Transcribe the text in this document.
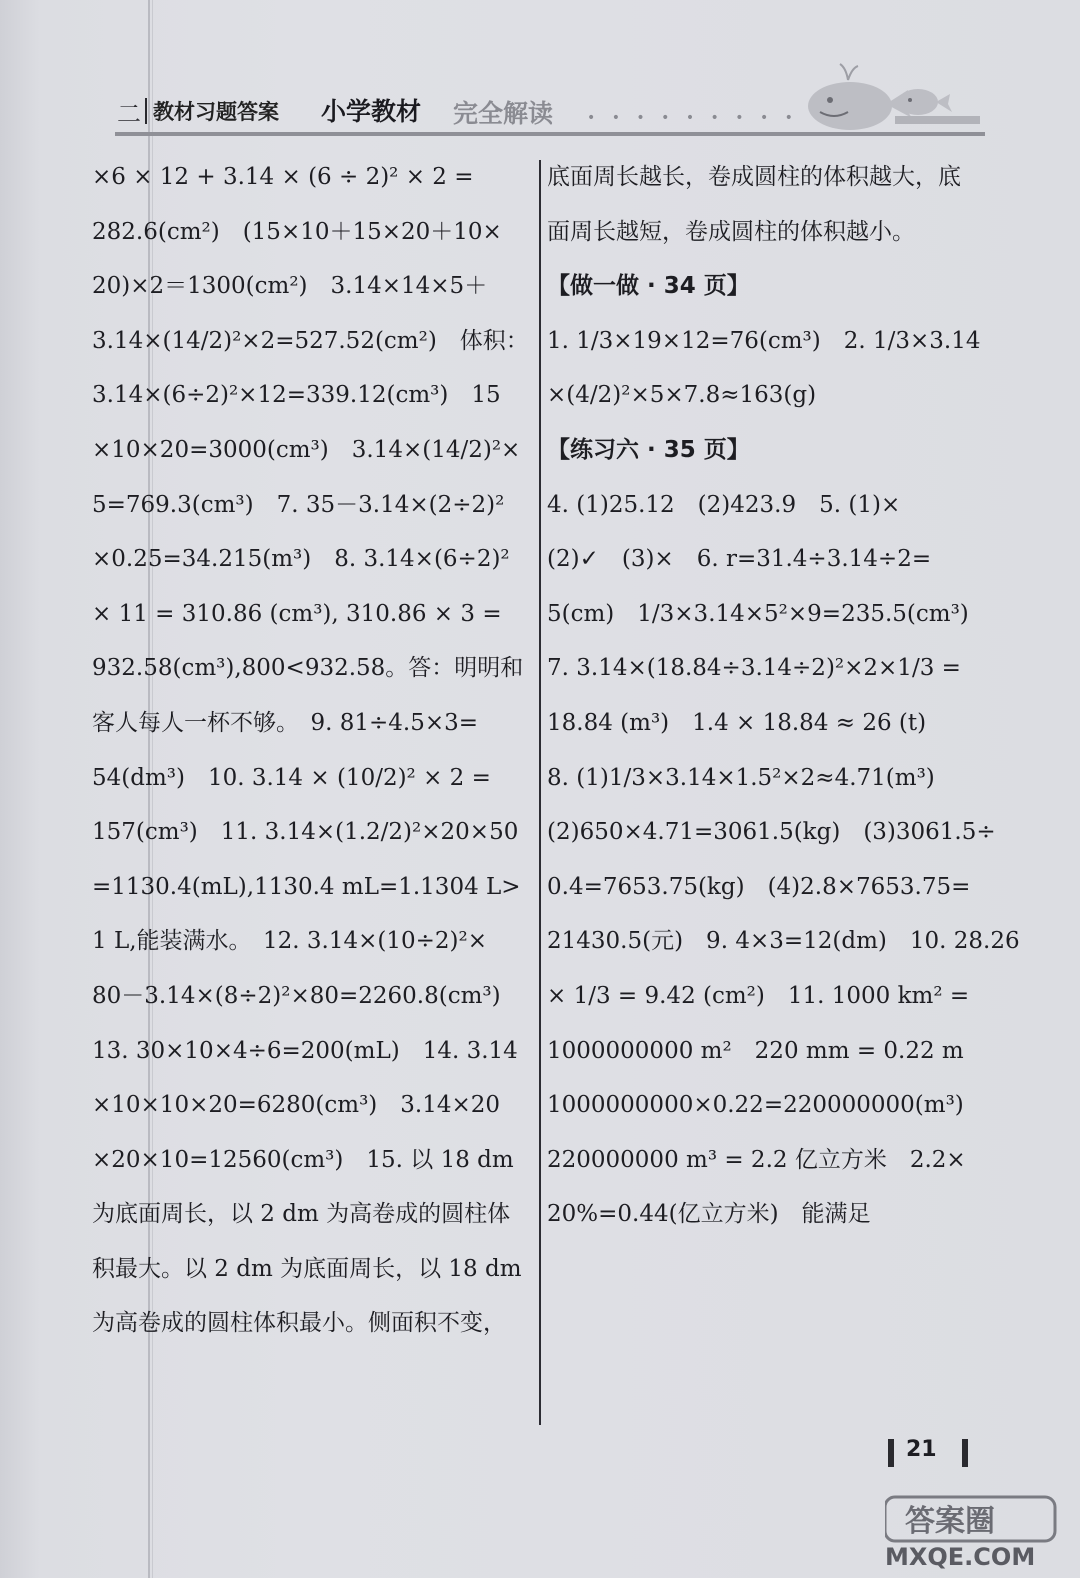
二 教材习题答案 小学教材 完全解读 • • • • • • • • •
×6 × 12 + 3.14 × (6 ÷ 2)² × 2 =
282.6(cm²)　(15×10＋15×20＋10×
20)×2＝1300(cm²)　3.14×14×5＋
3.14×(14/2)²×2=527.52(cm²)　体积：
3.14×(6÷2)²×12=339.12(cm³)　15
×10×20=3000(cm³)　3.14×(14/2)²×
5=769.3(cm³)　7. 35－3.14×(2÷2)²
×0.25=34.215(m³)　8. 3.14×(6÷2)²
× 11 = 310.86 (cm³), 310.86 × 3 =
932.58(cm³),800<932.58。答：明明和
客人每人一杯不够。　9. 81÷4.5×3=
54(dm³)　10. 3.14 × (10/2)² × 2 =
157(cm³)　11. 3.14×(1.2/2)²×20×50
=1130.4(mL),1130.4 mL=1.1304 L>
1 L,能装满水。　12. 3.14×(10÷2)²×
80－3.14×(8÷2)²×80=2260.8(cm³)
13. 30×10×4÷6=200(mL)　14. 3.14
×10×10×20=6280(cm³)　3.14×20
×20×10=12560(cm³)　15. 以 18 dm
为底面周长，以 2 dm 为高卷成的圆柱体
积最大。以 2 dm 为底面周长，以 18 dm
为高卷成的圆柱体积最小。侧面积不变，
底面周长越长，卷成圆柱的体积越大，底
面周长越短，卷成圆柱的体积越小。
【做一做 · 34 页】
1. 1/3×19×12=76(cm³)　2. 1/3×3.14
×(4/2)²×5×7.8≈163(g)
【练习六 · 35 页】
4. (1)25.12　(2)423.9　5. (1)×
(2)✓　(3)×　6. r=31.4÷3.14÷2=
5(cm)　1/3×3.14×5²×9=235.5(cm³)
7. 3.14×(18.84÷3.14÷2)²×2×1/3 =
18.84 (m³)　1.4 × 18.84 ≈ 26 (t)
8. (1)1/3×3.14×1.5²×2≈4.71(m³)
(2)650×4.71=3061.5(kg)　(3)3061.5÷
0.4=7653.75(kg)　(4)2.8×7653.75=
21430.5(元)　9. 4×3=12(dm)　10. 28.26
× 1/3 = 9.42 (cm²)　11. 1000 km² =
1000000000 m²　220 mm = 0.22 m
1000000000×0.22=220000000(m³)
220000000 m³ = 2.2 亿立方米　2.2×
20%=0.44(亿立方米)　能满足
21
答案圈
MXQE.COM
